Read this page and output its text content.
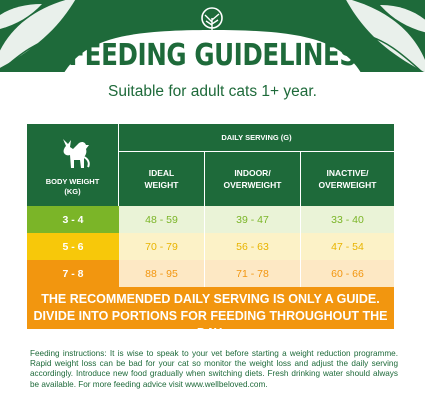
FEEDING GUIDELINES
Suitable for adult cats 1+ year.
BODY WEIGHT (KG)
DAILY SERVING (G)
IDEAL WEIGHT
INDOOR/ OVERWEIGHT
INACTIVE/ OVERWEIGHT
3 - 4	48 - 59	39 - 47	33 - 40
5 - 6	70 - 79	56 - 63	47 - 54
7 - 8	88 - 95	71 - 78	60 - 66
THE RECOMMENDED DAILY SERVING IS ONLY A GUIDE.
DIVIDE INTO PORTIONS FOR FEEDING THROUGHOUT THE DAY.
Feeding instructions: It is wise to speak to your vet before starting a weight reduction programme. Rapid weight loss can be bad for your cat so monitor the weight loss and adjust the daily serving accordingly. Introduce new food gradually when switching diets. Fresh drinking water should always be available. For more feeding advice visit www.wellbeloved.com.
